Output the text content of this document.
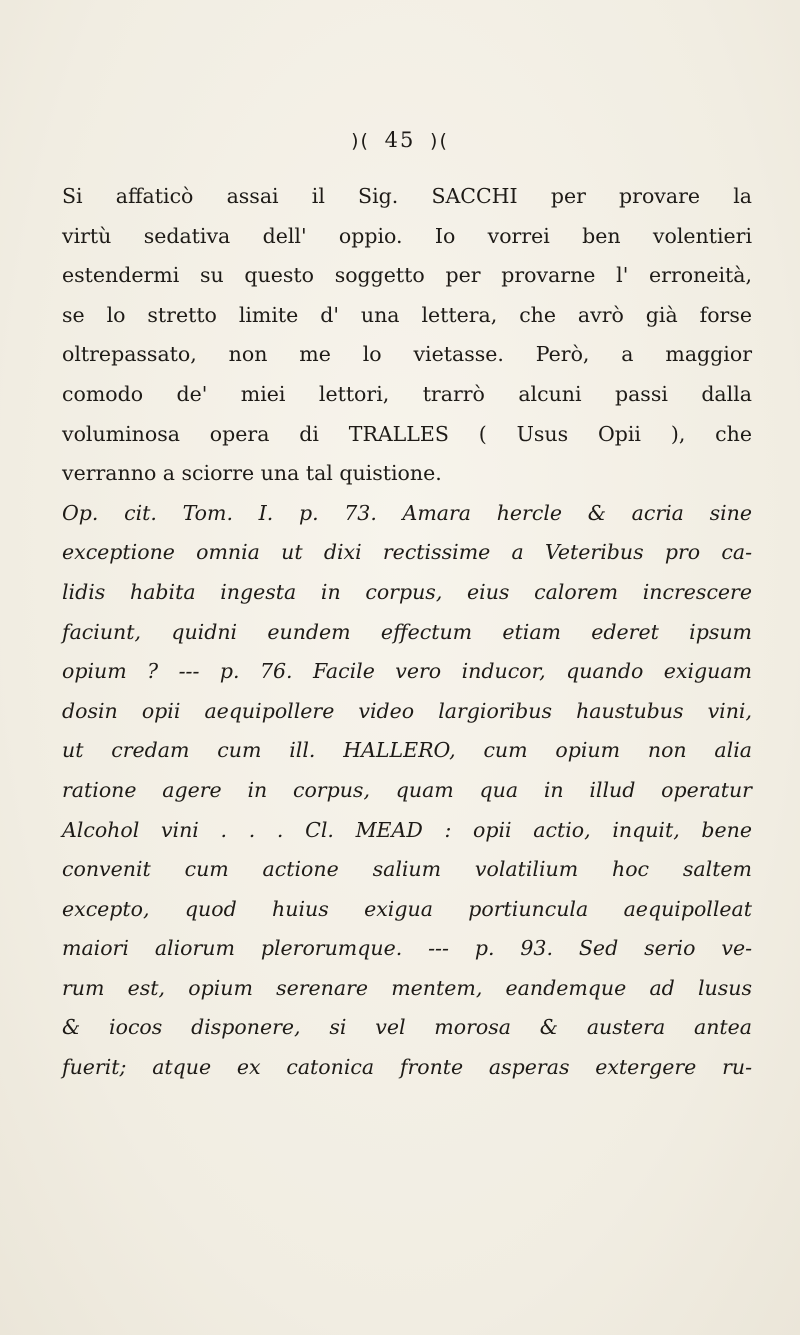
)( 45 )(
Si affaticò assai il Sig. SACCHI per provare la
virtù sedativa dell' oppio. Io vorrei ben volentieri
estendermi su questo soggetto per provarne l' erroneità,
se lo stretto limite d' una lettera, che avrò già forse
oltrepassato, non me lo vietasse. Però, a maggior
comodo de' miei lettori, trarrò alcuni passi dalla
voluminosa opera di TRALLES ( Usus Opii ), che
verranno a sciorre una tal quistione.
Op. cit. Tom. I. p. 73. Amara hercle & acria sine
exceptione omnia ut dixi rectissime a Veteribus pro ca-
lidis habita ingesta in corpus, eius calorem increscere
faciunt, quidni eundem effectum etiam ederet ipsum
opium ? --- p. 76. Facile vero inducor, quando exiguam
dosin opii aequipollere video largioribus haustubus vini,
ut credam cum ill. HALLERO, cum opium non alia
ratione agere in corpus, quam qua in illud operatur
Alcohol vini . . . Cl. MEAD : opii actio, inquit, bene
convenit cum actione salium volatilium hoc saltem
excepto, quod huius exigua portiuncula aequipolleat
maiori aliorum plerorumque. --- p. 93. Sed serio ve-
rum est, opium serenare mentem, eandemque ad lusus
& iocos disponere, si vel morosa & austera antea
fuerit; atque ex catonica fronte asperas extergere ru-
